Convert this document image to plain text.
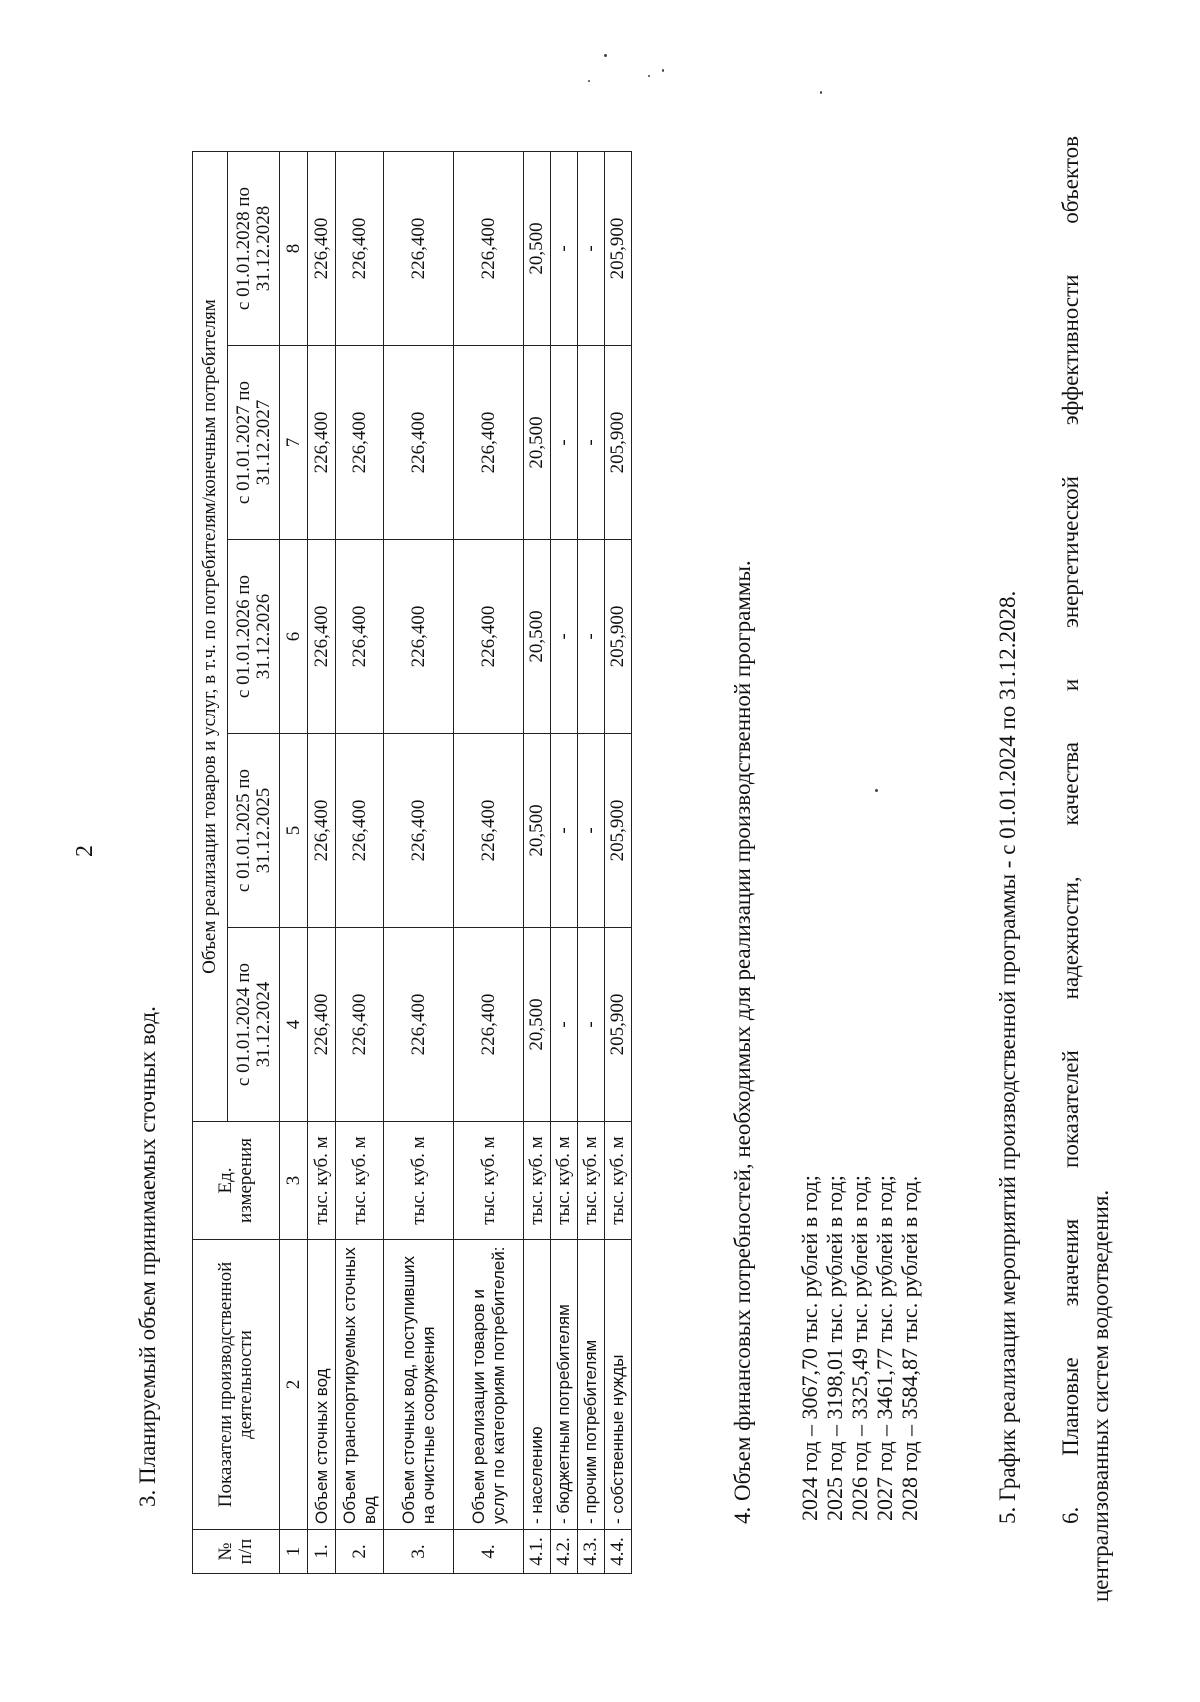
2
3. Планируемый объем принимаемых сточных вод.
№ п/п	Показатели производственной деятельности	Ед. измерения	Объем реализации товаров и услуг, в т.ч. по потребителям/конечным потребителям				
			с 01.01.2024 по 31.12.2024	с 01.01.2025 по 31.12.2025	с 01.01.2026 по 31.12.2026	с 01.01.2027 по 31.12.2027	с 01.01.2028 по 31.12.2028
1	2	3	4	5	6	7	8
1.	Объем сточных вод	тыс. куб. м	226,400	226,400	226,400	226,400	226,400
2.	Объем транспортируемых сточных вод	тыс. куб. м	226,400	226,400	226,400	226,400	226,400
3.	Объем сточных вод, поступивших на очистные сооружения	тыс. куб. м	226,400	226,400	226,400	226,400	226,400
4.	Объем реализации товаров и услуг по категориям потребителей:	тыс. куб. м	226,400	226,400	226,400	226,400	226,400
4.1.	- населению	тыс. куб. м	20,500	20,500	20,500	20,500	20,500
4.2.	- бюджетным потребителям	тыс. куб. м	-	-	-	-	-
4.3.	- прочим потребителям	тыс. куб. м	-	-	-	-	-
4.4.	- собственные нужды	тыс. куб. м	205,900	205,900	205,900	205,900	205,900
4. Объем финансовых потребностей, необходимых для реализации производственной программы. 2024 год – 3067,70 тыс. рублей в год; 2025 год – 3198,01 тыс. рублей в год; 2026 год – 3325,49 тыс. рублей в год; 2027 год – 3461,77 тыс. рублей в год; 2028 год – 3584,87 тыс. рублей в год.	5. График реализации мероприятий производственной программы - с 01.01.2024 по 31.12.2028. 6.
Плановые
значения
показателей
надежности,
качества
и
энергетической
эффективности
объектов
централизованных систем водоотведения.
